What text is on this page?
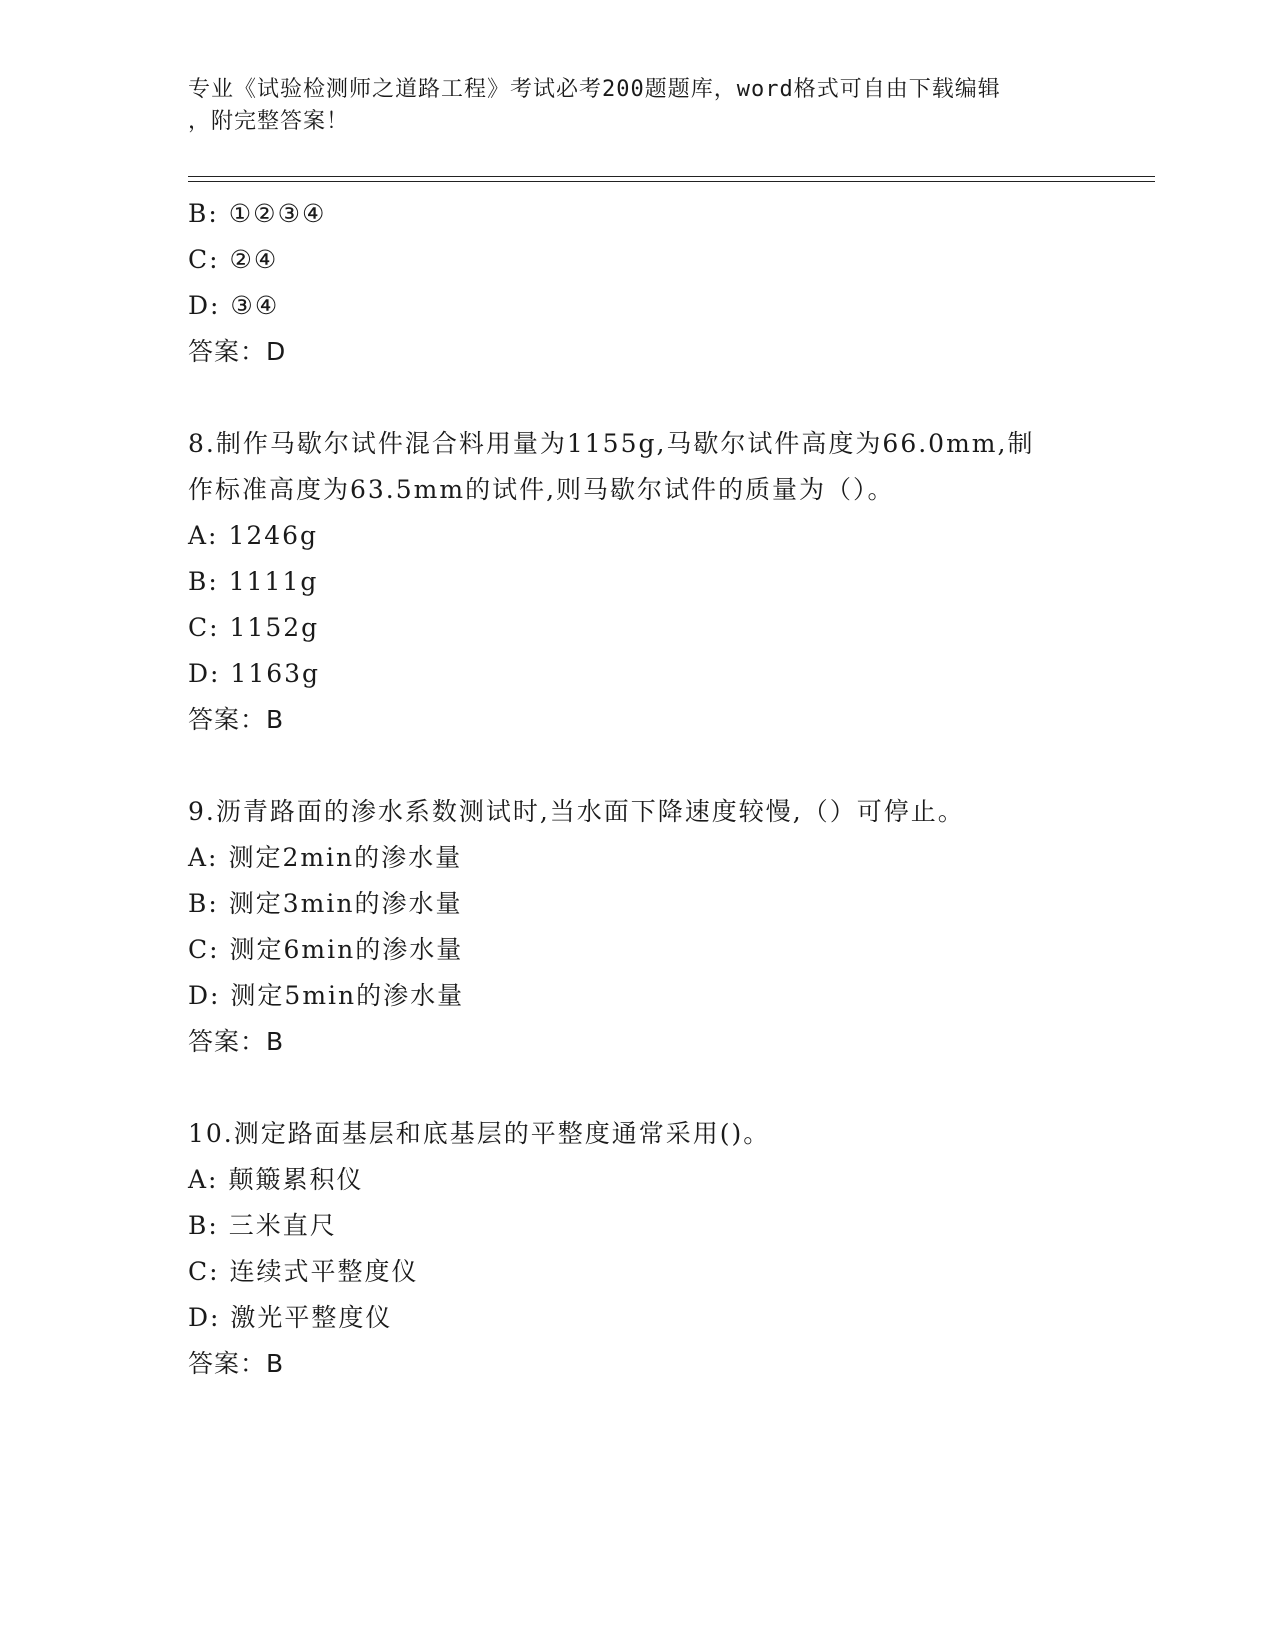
专业《试验检测师之道路工程》考试必考200题题库，word格式可自由下载编辑
，附完整答案！
B: ①②③④
C: ②④
D: ③④
答案：D
8.制作马歇尔试件混合料用量为1155g,马歇尔试件高度为66.0mm,制
作标准高度为63.5mm的试件,则马歇尔试件的质量为（）。
A: 1246g
B: 1111g
C: 1152g
D: 1163g
答案：B
9.沥青路面的渗水系数测试时,当水面下降速度较慢,（）可停止。
A: 测定2min的渗水量
B: 测定3min的渗水量
C: 测定6min的渗水量
D: 测定5min的渗水量
答案：B
10.测定路面基层和底基层的平整度通常采用()。
A: 颠簸累积仪
B: 三米直尺
C: 连续式平整度仪
D: 激光平整度仪
答案：B
